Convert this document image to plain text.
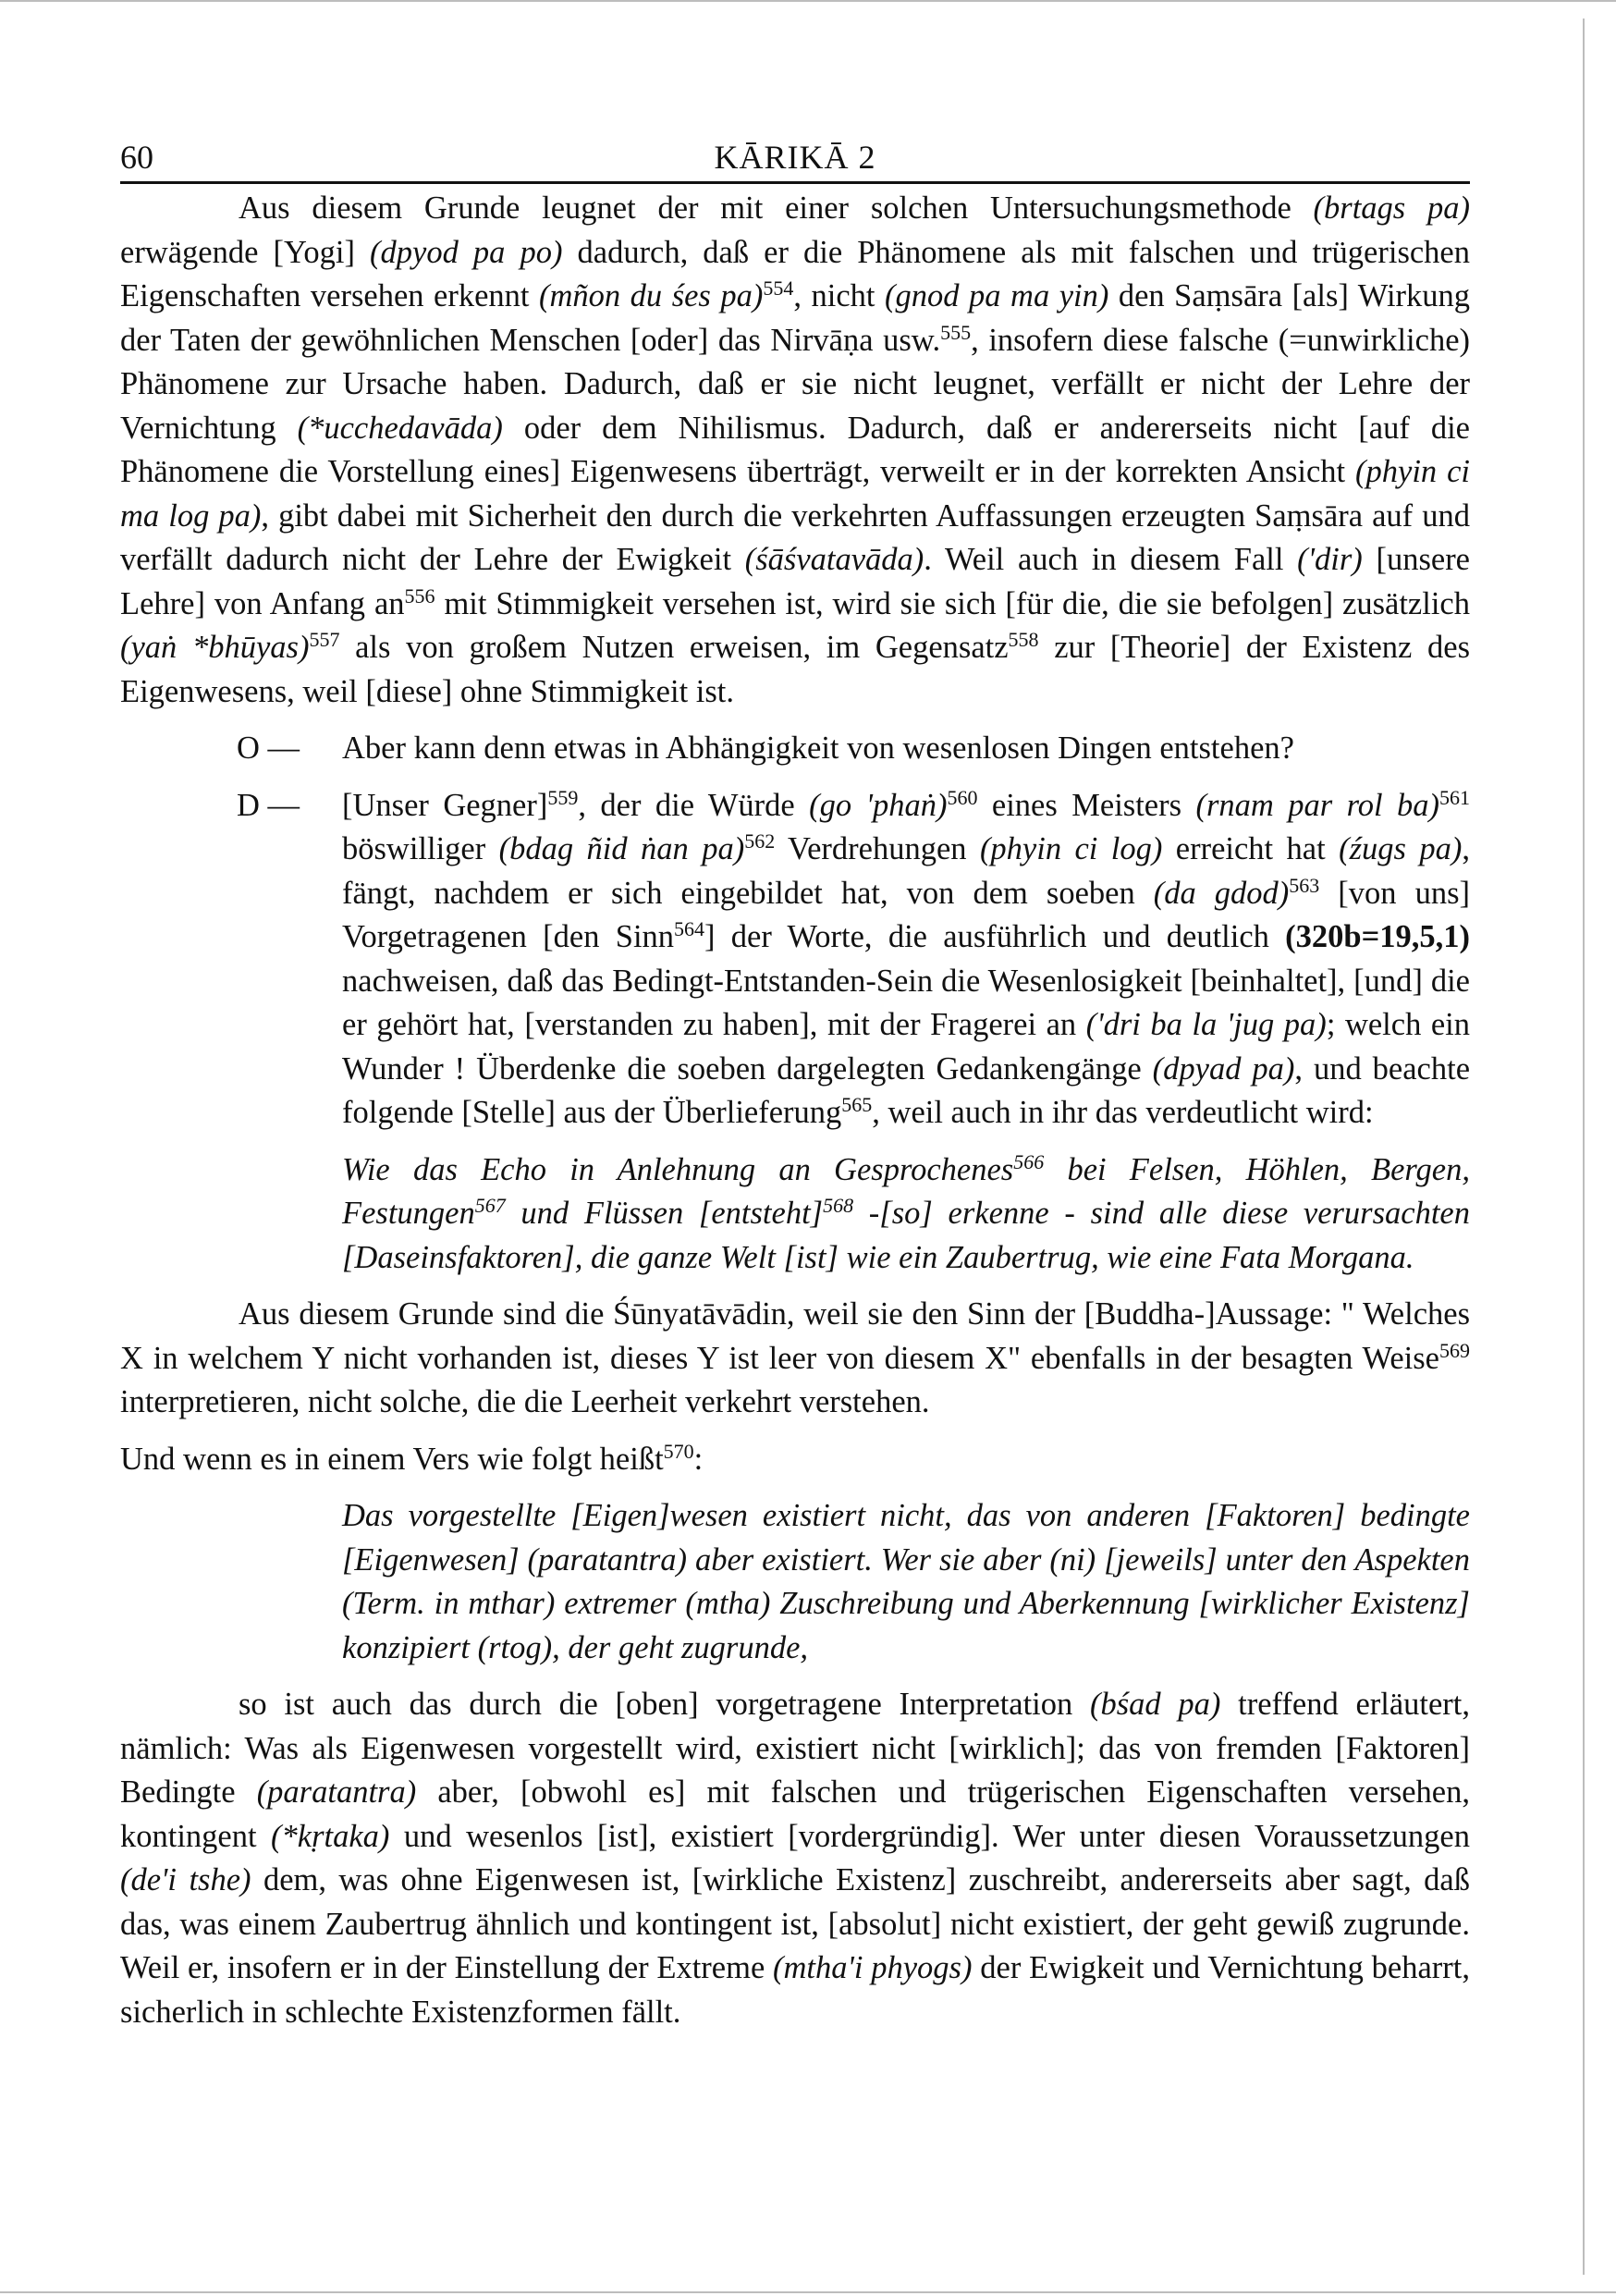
60	KĀRIKĀ 2

Aus diesem Grunde leugnet der mit einer solchen Untersuchungsmethode (brtags pa) erwägende [Yogi] (dpyod pa po) dadurch, daß er die Phänomene als mit falschen und trügerischen Eigenschaften versehen erkennt (mñon du śes pa)$^{554}$, nicht (gnod pa ma yin) den Saṃsāra [als] Wirkung der Taten der gewöhnlichen Menschen [oder] das Nirvāṇa usw.$^{555}$, insofern diese falsche (=unwirkliche) Phänomene zur Ursache haben. Dadurch, daß er sie nicht leugnet, verfällt er nicht der Lehre der Vernichtung (*ucchedavāda) oder dem Nihilismus. Dadurch, daß er andererseits nicht [auf die Phänomene die Vorstellung eines] Eigenwesens überträgt, verweilt er in der korrekten Ansicht (phyin ci ma log pa), gibt dabei mit Sicherheit den durch die verkehrten Auffassungen erzeugten Saṃsāra auf und verfällt dadurch nicht der Lehre der Ewigkeit (śāśvatavāda). Weil auch in diesem Fall ('dir) [unsere Lehre] von Anfang $an^{556}$ mit Stimmigkeit versehen ist, wird sie sich [für die, die sie befolgen] zusätzlich (yaṅ *bhūyas)$^{557}$ als von großem Nutzen erweisen, im Gegensatz$^{558}$ zur [Theorie] der Existenz des Eigenwesens, weil [diese] ohne Stimmigkeit ist.

O — Aber kann denn etwas in Abhängigkeit von wesenlosen Dingen entstehen?

D — [Unser Gegner]$^{559}$, der die Würde (go 'phaṅ)$^{560}$ eines Meisters (rnam par rol ba)$^{561}$ böswilliger (bdag ñid ṅan pa)$^{562}$ Verdrehungen (phyin ci log) erreicht hat (źugs pa), fängt, nachdem er sich eingebildet hat, von dem soeben (da gdod)$^{563}$ [von uns] Vorgetragenen [den Sinn$^{564}$] der Worte, die ausführlich und deutlich (320b=19,5,1) nachweisen, daß das Bedingt-Entstanden-Sein die Wesenlosigkeit [beinhaltet], [und] die er gehört hat, [verstanden zu haben], mit der Fragerei an ('dri ba la 'jug pa); welch ein Wunder ! Überdenke die soeben dargelegten Gedankengänge (dpyad pa), und beachte folgende [Stelle] aus der Überlieferung$^{565}$, weil auch in ihr das verdeutlicht wird:

Wie das Echo in Anlehnung an Gesprochenes$^{566}$ bei Felsen, Höhlen, Bergen, Festungen$^{567}$ und Flüssen [entsteht]$^{568}$ -[so] erkenne - sind alle diese verursachten [Daseinsfaktoren], die ganze Welt [ist] wie ein Zaubertrug, wie eine Fata Morgana.

Aus diesem Grunde sind die Śūnyatāvādin, weil sie den Sinn der [Buddha-]Aussage: " Welches X in welchem Y nicht vorhanden ist, dieses Y ist leer von diesem X" ebenfalls in der besagten Weise$^{569}$ interpretieren, nicht solche, die die Leerheit verkehrt verstehen.

Und wenn es in einem Vers wie folgt heißt$^{570}$:

Das vorgestellte [Eigen]wesen existiert nicht, das von anderen [Faktoren] bedingte [Eigenwesen] (paratantra) aber existiert. Wer sie aber (ni) [jeweils] unter den Aspekten (Term. in mthar) extremer (mtha) Zuschreibung und Aberkennung [wirklicher Existenz] konzipiert (rtog), der geht zugrunde,

so ist auch das durch die [oben] vorgetragene Interpretation (bśad pa) treffend erläutert, nämlich: Was als Eigenwesen vorgestellt wird, existiert nicht [wirklich]; das von fremden [Faktoren] Bedingte (paratantra) aber, [obwohl es] mit falschen und trügerischen Eigenschaften versehen, kontingent (*kṛtaka) und wesenlos [ist], existiert [vordergründig]. Wer unter diesen Voraussetzungen (de'i tshe) dem, was ohne Eigenwesen ist, [wirkliche Existenz] zuschreibt, andererseits aber sagt, daß das, was einem Zaubertrug ähnlich und kontingent ist, [absolut] nicht existiert, der geht gewiß zugrunde. Weil er, insofern er in der Einstellung der Extreme (mtha'i phyogs) der Ewigkeit und Vernichtung beharrt, sicherlich in schlechte Existenzformen fällt.
